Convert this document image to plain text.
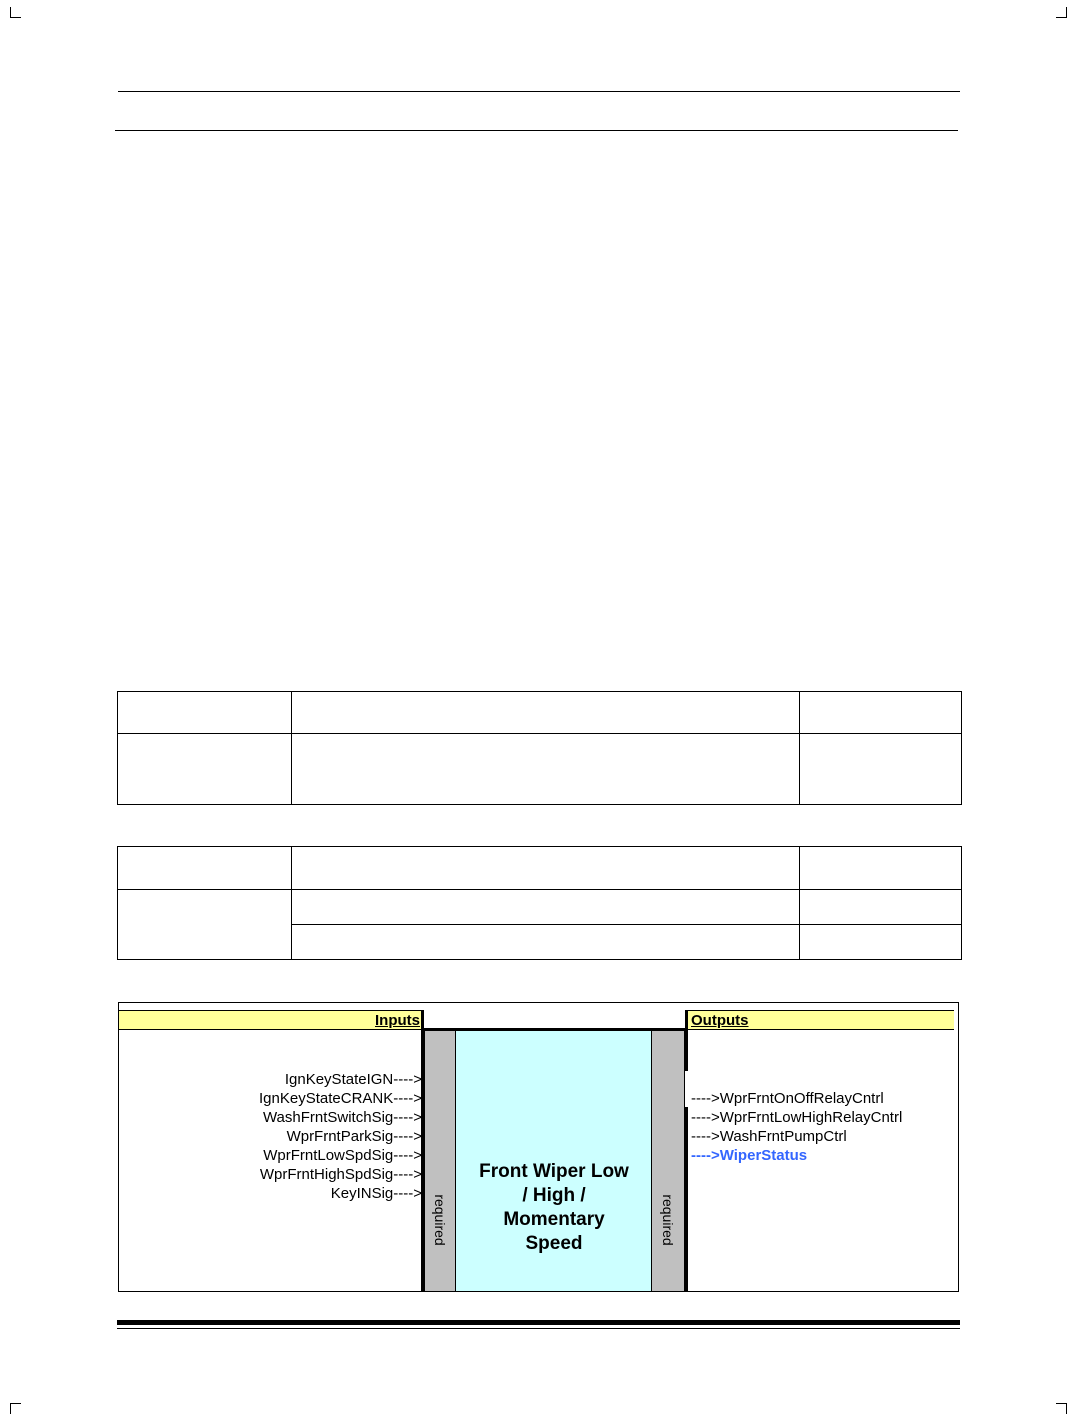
Inputs	Outputs
required	required
Front Wiper Low
/ High /
Momentary
Speed
IgnKeyStateIGN---->
IgnKeyStateCRANK---->
WashFrntSwitchSig---->
WprFrntParkSig---->
WprFrntLowSpdSig---->
WprFrntHighSpdSig---->
KeyINSig---->
---->WprFrntOnOffRelayCntrl
---->WprFrntLowHighRelayCntrl
---->WashFrntPumpCtrl
---->WiperStatus
